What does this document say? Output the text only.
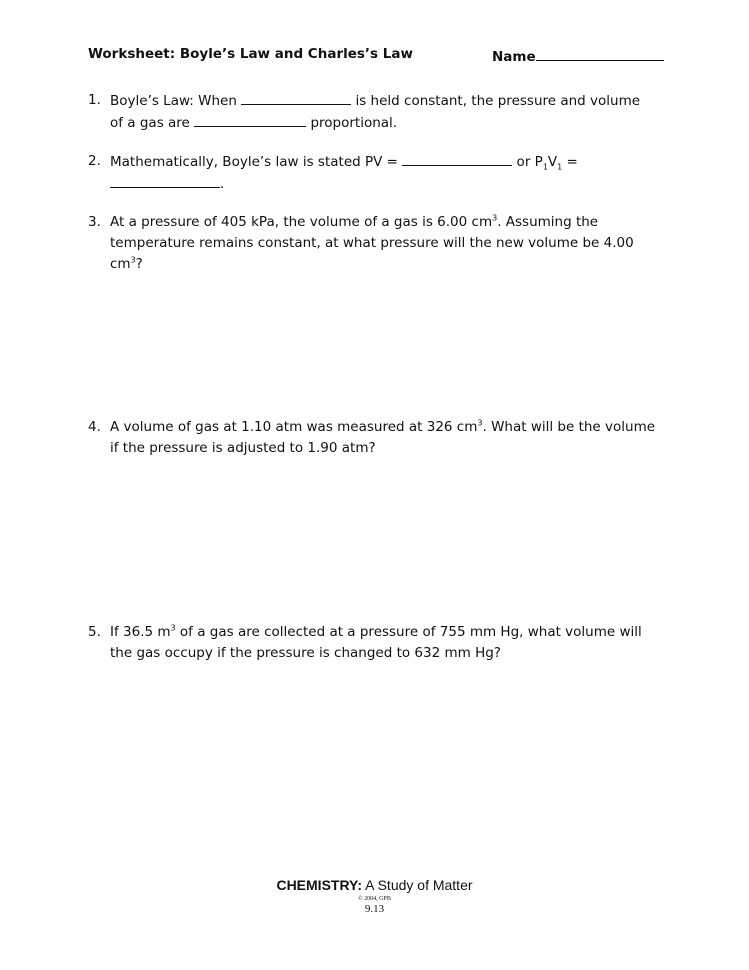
Worksheet: Boyle’s Law and Charles’s Law	Name
1. Boyle’s Law: When	is held constant, the pressure and volume
of a gas are	proportional.
2. Mathematically, Boyle’s law is stated PV =	or $P_1V_1$ =
.
3. At a pressure of 405 kPa, the volume of a gas is 6.00 $cm^3$. Assuming the
temperature remains constant, at what pressure will the new volume be 4.00
$cm^3$?
4. A volume of gas at 1.10 atm was measured at 326 $cm^3$. What will be the volume
if the pressure is adjusted to 1.90 atm?
5. If 36.5 $m^3$ of a gas are collected at a pressure of 755 mm Hg, what volume will
the gas occupy if the pressure is changed to 632 mm Hg?
CHEMISTRY: A Study of Matter
© 2004, GPB
9.13
